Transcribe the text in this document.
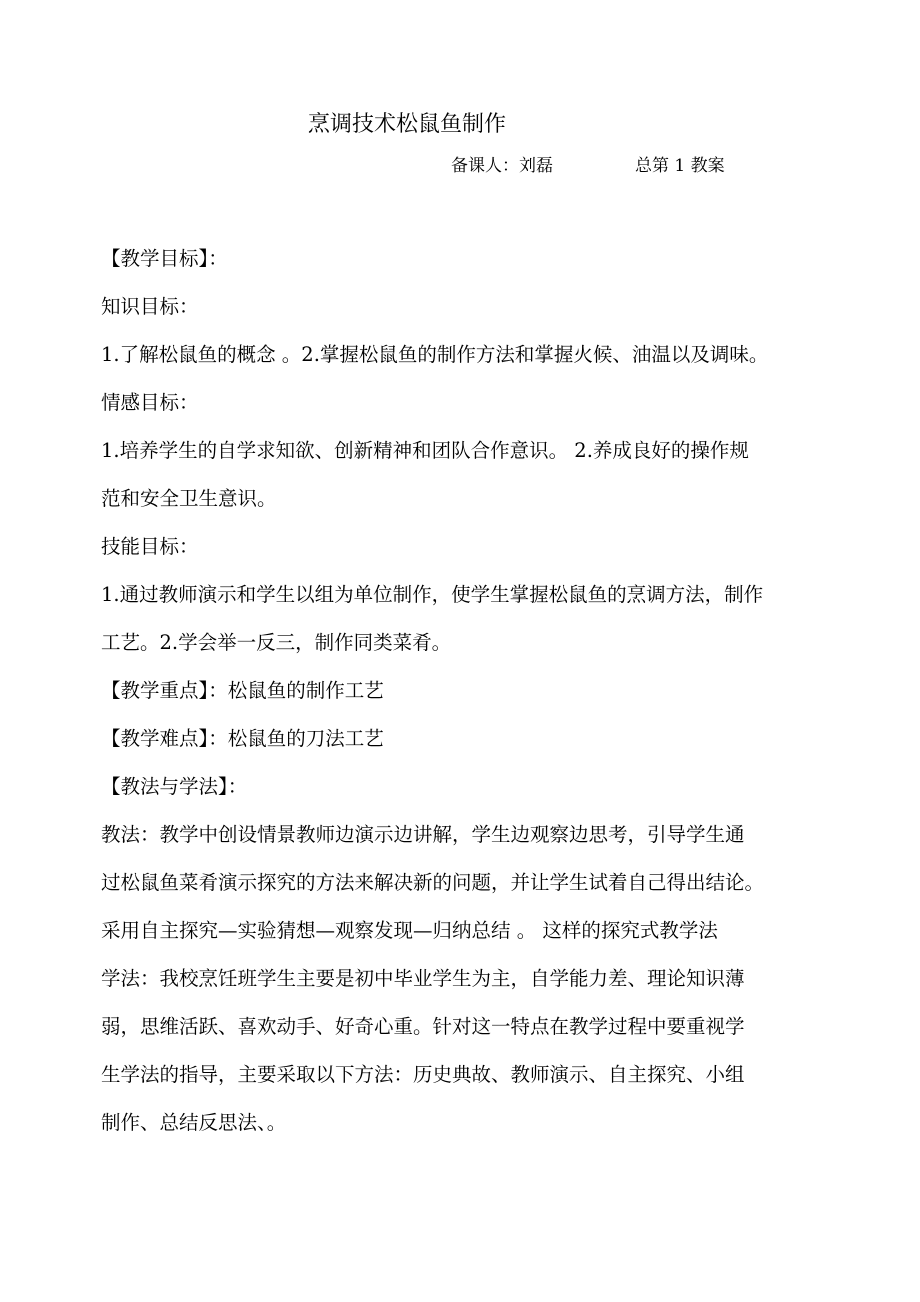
烹调技术松鼠鱼制作
备课人：刘磊	总第 1 教案
【教学目标】：
知识目标：
1.了解松鼠鱼的概念 。2.掌握松鼠鱼的制作方法和掌握火候、油温以及调味。
情感目标：
1.培养学生的自学求知欲、创新精神和团队合作意识。 2.养成良好的操作规
范和安全卫生意识。
技能目标：
1.通过教师演示和学生以组为单位制作，使学生掌握松鼠鱼的烹调方法，制作
工艺。2.学会举一反三，制作同类菜肴。
【教学重点】：松鼠鱼的制作工艺
【教学难点】：松鼠鱼的刀法工艺
【教法与学法】：
教法：教学中创设情景教师边演示边讲解，学生边观察边思考，引导学生通
过松鼠鱼菜肴演示探究的方法来解决新的问题，并让学生试着自己得出结论。
采用自主探究—实验猜想—观察发现—归纳总结 。 这样的探究式教学法
学法：我校烹饪班学生主要是初中毕业学生为主，自学能力差、理论知识薄
弱，思维活跃、喜欢动手、好奇心重。针对这一特点在教学过程中要重视学
生学法的指导，主要采取以下方法：历史典故、教师演示、自主探究、小组
制作、总结反思法、。
